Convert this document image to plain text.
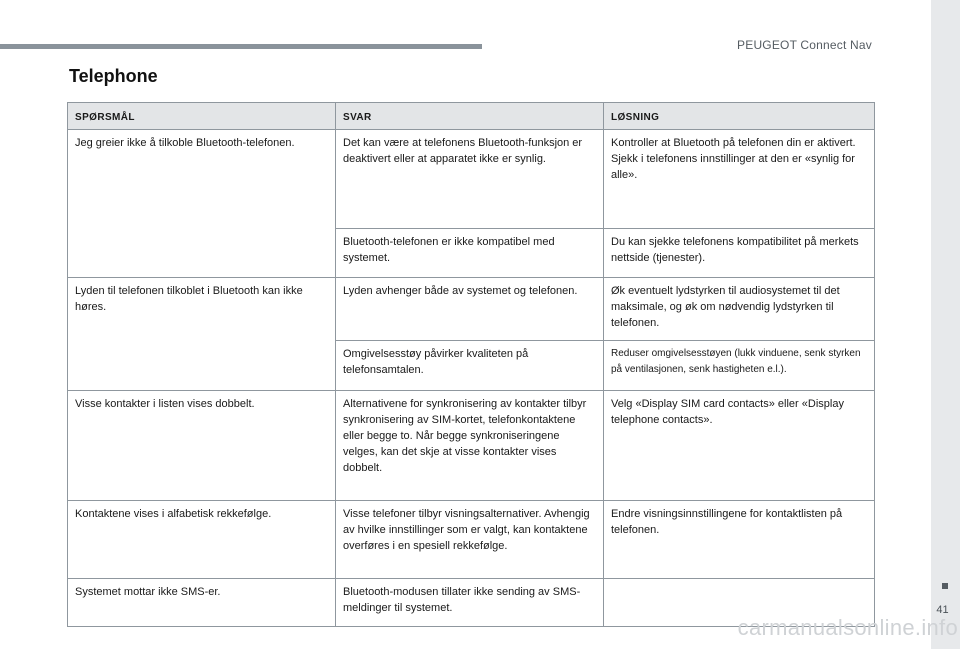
PEUGEOT Connect Nav
41
Telephone
SPØRSMÅL	SVAR	LØSNING
Jeg greier ikke å tilkoble Bluetooth-telefonen.	Det kan være at telefonens Bluetooth-funksjon er deaktivert eller at apparatet ikke er synlig.	Kontroller at Bluetooth på telefonen din er aktivert.
Sjekk i telefonens innstillinger at den er «synlig for alle».
	Bluetooth-telefonen er ikke kompatibel med systemet.	Du kan sjekke telefonens kompatibilitet på merkets nettside (tjenester).
Lyden til telefonen tilkoblet i Bluetooth kan ikke høres.	Lyden avhenger både av systemet og telefonen.	Øk eventuelt lydstyrken til audiosystemet til det maksimale, og øk om nødvendig lydstyrken til telefonen.
	Omgivelsesstøy påvirker kvaliteten på telefonsamtalen.	Reduser omgivelsesstøyen (lukk vinduene, senk styrken på ventilasjonen, senk hastigheten e.l.).
Visse kontakter i listen vises dobbelt.	Alternativene for synkronisering av kontakter tilbyr synkronisering av SIM-kortet, telefonkontaktene eller begge to. Når begge synkroniseringene velges, kan det skje at visse kontakter vises dobbelt.	Velg «Display SIM card contacts» eller «Display telephone contacts».
Kontaktene vises i alfabetisk rekkefølge.	Visse telefoner tilbyr visningsalternativer. Avhengig av hvilke innstillinger som er valgt, kan kontaktene overføres i en spesiell rekkefølge.	Endre visningsinnstillingene for kontaktlisten på telefonen.
Systemet mottar ikke SMS-er.	Bluetooth-modusen tillater ikke sending av SMS-meldinger til systemet.	
carmanualsonline.info
